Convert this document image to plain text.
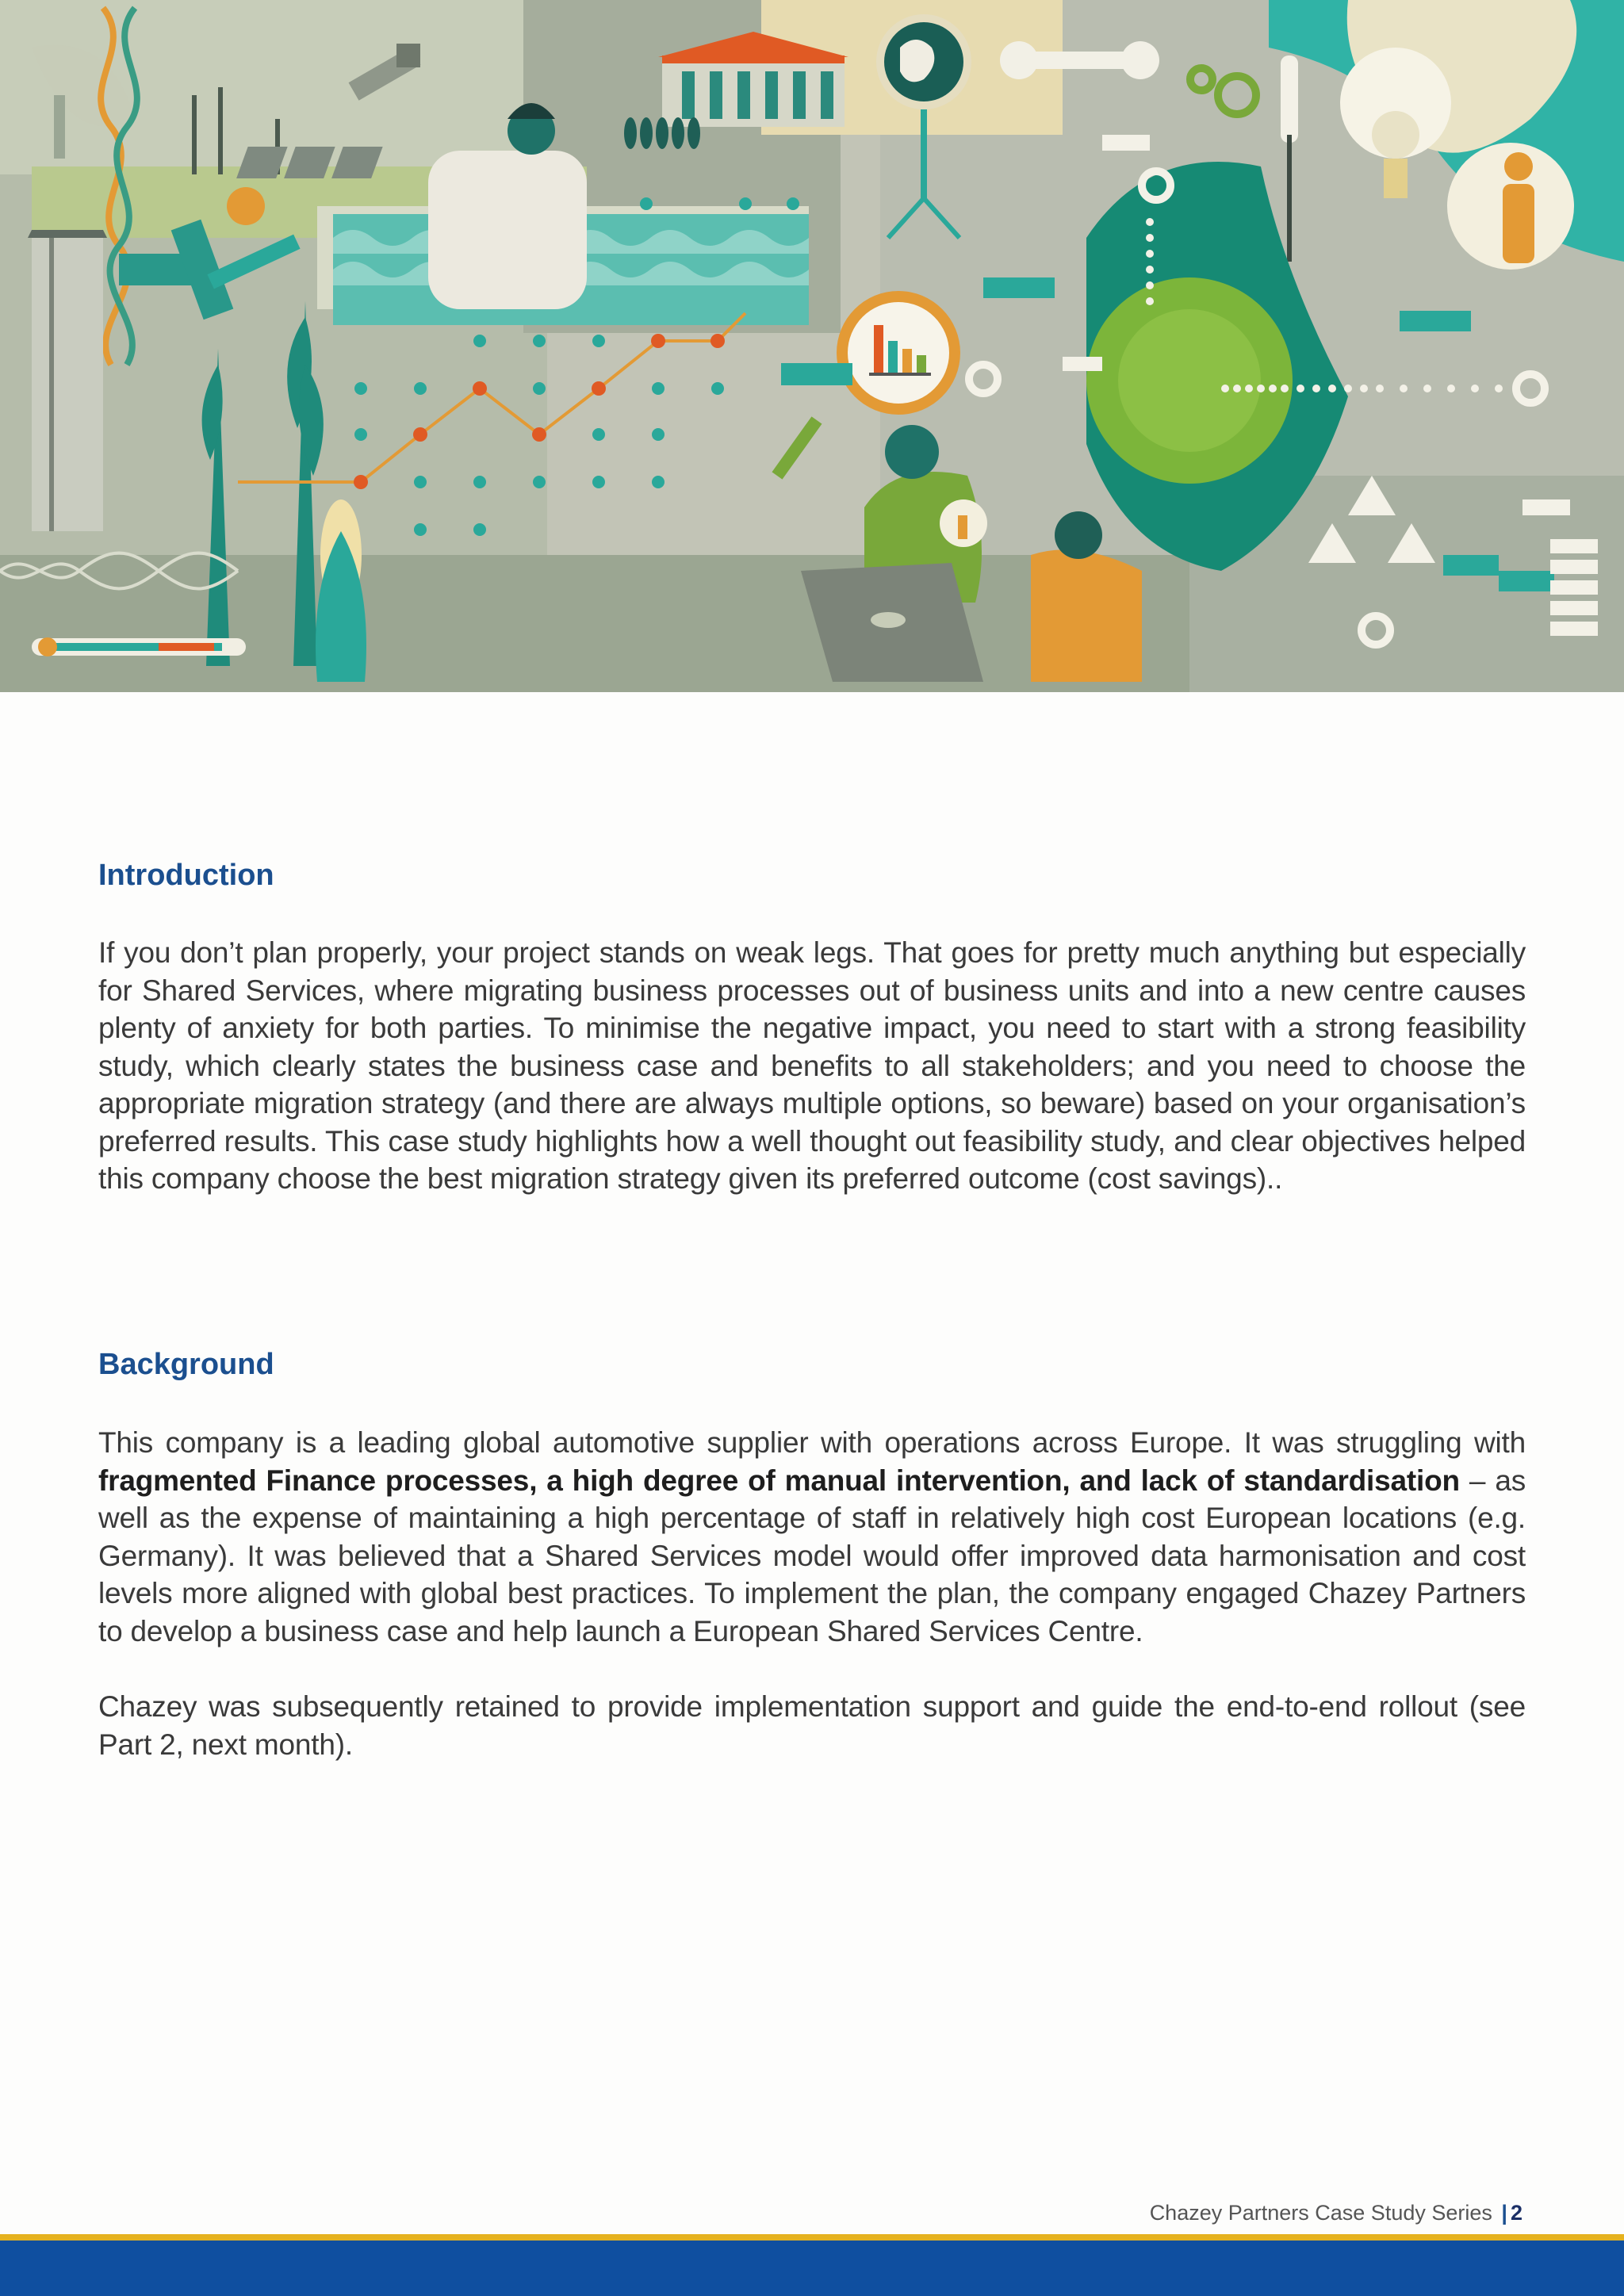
Introduction

If you don’t plan properly, your project stands on weak legs. That goes for pretty much anything but especially for Shared Services, where migrating business processes out of business units and into a new centre causes plenty of anxiety for both parties. To minimise the negative impact, you need to start with a strong feasibility study, which clearly states the business case and benefits to all stakeholders; and you need to choose the appropriate migration strategy (and there are always multiple options, so beware) based on your organisation’s preferred results. This case study highlights how a well thought out feasibility study, and clear objectives helped this company choose the best migration strategy given its preferred outcome (cost savings)..

Background

This company is a leading global automotive supplier with operations across Europe. It was struggling with fragmented Finance processes, a high degree of manual intervention, and lack of standardisation – as well as the expense of maintaining a high percentage of staff in relatively high cost European locations (e.g. Germany). It was believed that a Shared Services model would offer improved data harmonisation and cost levels more aligned with global best practices. To implement the plan, the company engaged Chazey Partners to develop a business case and help launch a European Shared Services Centre.

Chazey was subsequently retained to provide implementation support and guide the end-to-end rollout (see Part 2, next month).

Chazey Partners Case Study Series | 2
